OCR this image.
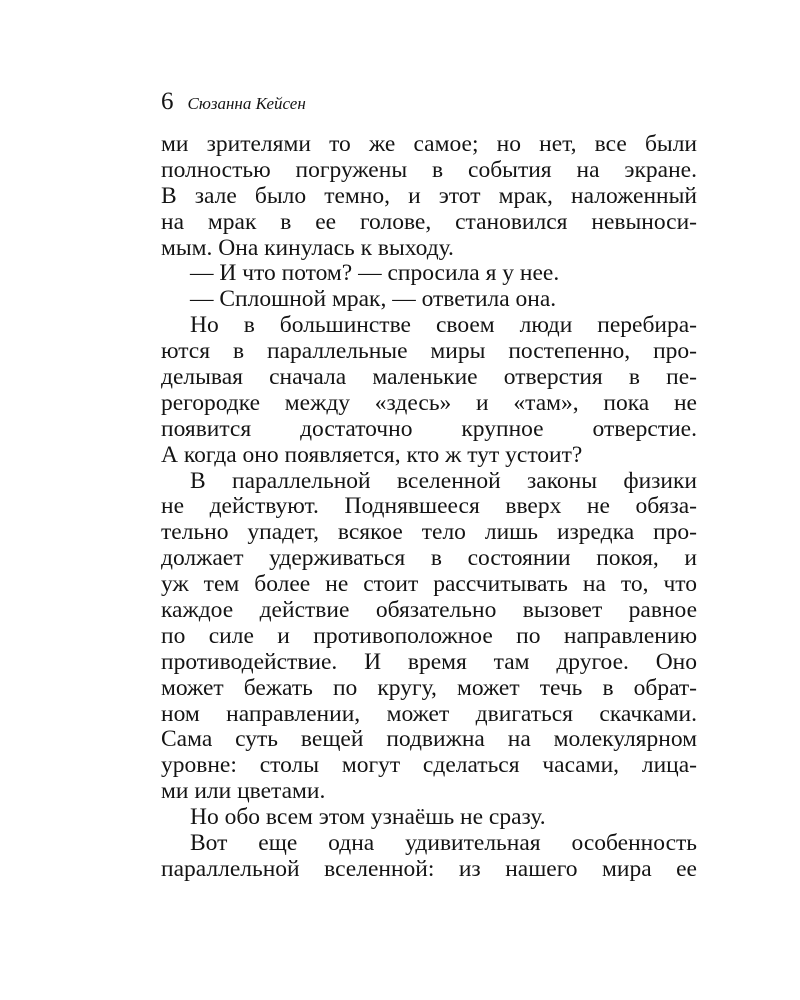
6 Сюзанна Кейсен
ми зрителями то же самое; но нет, все были
полностью погружены в события на экране.
В зале было темно, и этот мрак, наложенный
на мрак в ее голове, становился невыноси-
мым. Она кинулась к выходу.
— И что потом? — спросила я у нее.
— Сплошной мрак, — ответила она.
Но в большинстве своем люди перебира-
ются в параллельные миры постепенно, про-
делывая сначала маленькие отверстия в пе-
регородке между «здесь» и «там», пока не
появится достаточно крупное отверстие.
А когда оно появляется, кто ж тут устоит?
В параллельной вселенной законы физики
не действуют. Поднявшееся вверх не обяза-
тельно упадет, всякое тело лишь изредка про-
должает удерживаться в состоянии покоя, и
уж тем более не стоит рассчитывать на то, что
каждое действие обязательно вызовет равное
по силе и противоположное по направлению
противодействие. И время там другое. Оно
может бежать по кругу, может течь в обрат-
ном направлении, может двигаться скачками.
Сама суть вещей подвижна на молекулярном
уровне: столы могут сделаться часами, лица-
ми или цветами.
Но обо всем этом узнаёшь не сразу.
Вот еще одна удивительная особенность
параллельной вселенной: из нашего мира ее
